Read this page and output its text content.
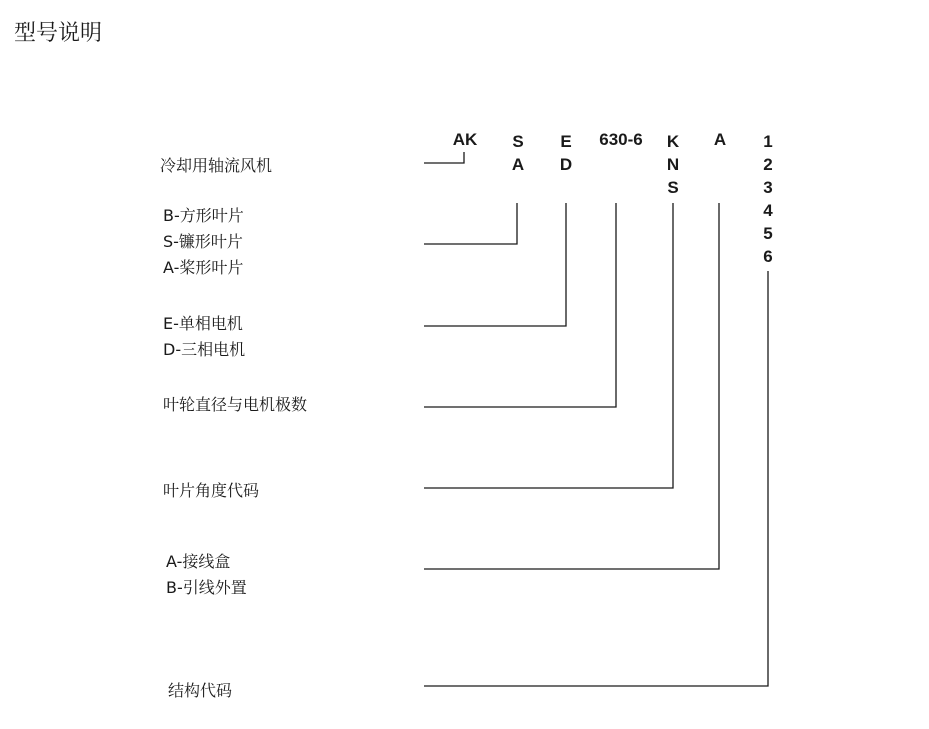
型号说明
AK	S
A
E
D
630-6	K
N
S
A	1
2
3
4
5
6
冷却用轴流风机
B-方形叶片
S-镰形叶片
A-桨形叶片
E-单相电机
D-三相电机
叶轮直径与电机极数
叶片角度代码
A-接线盒
B-引线外置
结构代码
